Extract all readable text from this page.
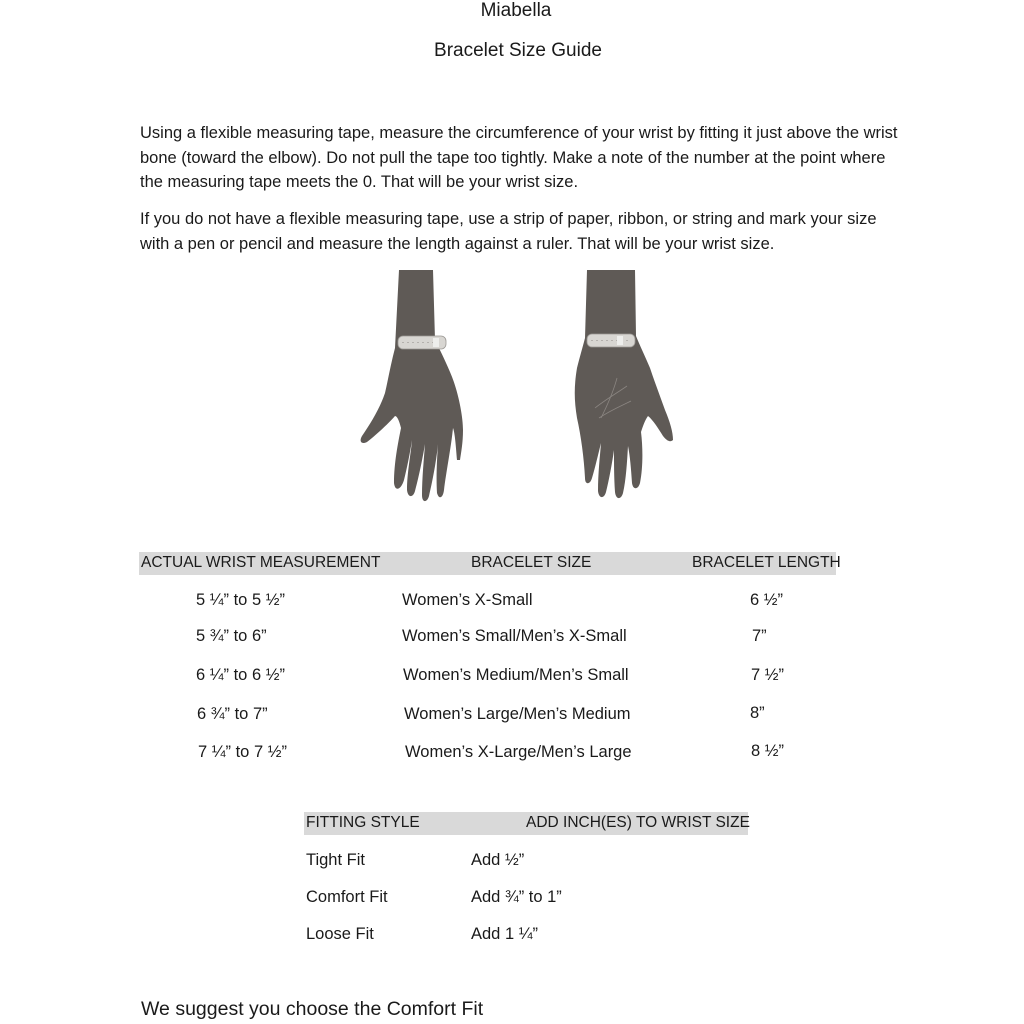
Miabella
Bracelet Size Guide

Using a flexible measuring tape, measure the circumference of your wrist by fitting it just above the wrist bone (toward the elbow). Do not pull the tape too tightly. Make a note of the number at the point where the measuring tape meets the 0. That will be your wrist size.

If you do not have a flexible measuring tape, use a strip of paper, ribbon, or string and mark your size with a pen or pencil and measure the length against a ruler. That will be your wrist size.

ACTUAL WRIST MEASUREMENT	BRACELET SIZE	BRACELET LENGTH
5 ¼” to 5 ½”	Women’s X-Small	6 ½”
5 ¾” to 6”	Women’s Small/Men’s X-Small	7”
6 ¼” to 6 ½”	Women’s Medium/Men’s Small	7 ½”
6 ¾” to 7”	Women’s Large/Men’s Medium	8”
7 ¼” to 7 ½”	Women’s X-Large/Men’s Large	8 ½”
FITTING STYLE	ADD INCH(ES) TO WRIST SIZE
Tight Fit	Add ½”
Comfort Fit	Add ¾” to 1”
Loose Fit	Add 1 ¼”
We suggest you choose the Comfort Fit
